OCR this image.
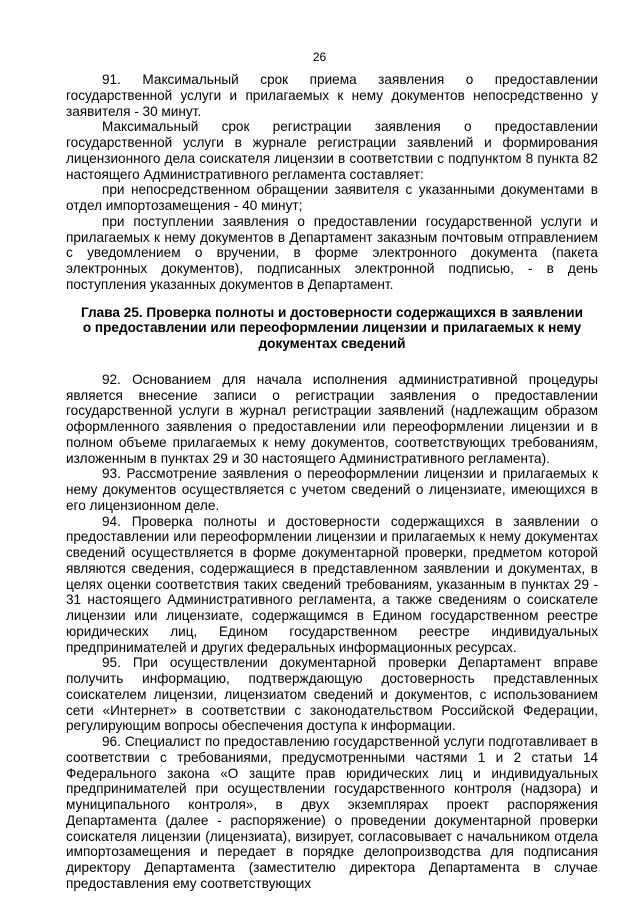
26

91. Максимальный срок приема заявления о предоставлении государственной услуги и прилагаемых к нему документов непосредственно у заявителя - 30 минут.

Максимальный срок регистрации заявления о предоставлении государственной услуги в журнале регистрации заявлений и формирования лицензионного дела соискателя лицензии в соответствии с подпунктом 8 пункта 82 настоящего Административного регламента составляет:

при непосредственном обращении заявителя с указанными документами в отдел импортозамещения - 40 минут;

при поступлении заявления о предоставлении государственной услуги и прилагаемых к нему документов в Департамент заказным почтовым отправлением с уведомлением о вручении, в форме электронного документа (пакета электронных документов), подписанных электронной подписью, - в день поступления указанных документов в Департамент.

Глава 25. Проверка полноты и достоверности содержащихся в заявлении о предоставлении или переоформлении лицензии и прилагаемых к нему документах сведений

92. Основанием для начала исполнения административной процедуры является внесение записи о регистрации заявления о предоставлении государственной услуги в журнал регистрации заявлений (надлежащим образом оформленного заявления о предоставлении или переоформлении лицензии и в полном объеме прилагаемых к нему документов, соответствующих требованиям, изложенным в пунктах 29 и 30 настоящего Административного регламента).

93. Рассмотрение заявления о переоформлении лицензии и прилагаемых к нему документов осуществляется с учетом сведений о лицензиате, имеющихся в его лицензионном деле.

94. Проверка полноты и достоверности содержащихся в заявлении о предоставлении или переоформлении лицензии и прилагаемых к нему документах сведений осуществляется в форме документарной проверки, предметом которой являются сведения, содержащиеся в представленном заявлении и документах, в целях оценки соответствия таких сведений требованиям, указанным в пунктах 29 - 31 настоящего Административного регламента, а также сведениям о соискателе лицензии или лицензиате, содержащимся в Едином государственном реестре юридических лиц, Едином государственном реестре индивидуальных предпринимателей и других федеральных информационных ресурсах.

95. При осуществлении документарной проверки Департамент вправе получить информацию, подтверждающую достоверность представленных соискателем лицензии, лицензиатом сведений и документов, с использованием сети «Интернет» в соответствии с законодательством Российской Федерации, регулирующим вопросы обеспечения доступа к информации.

96. Специалист по предоставлению государственной услуги подготавливает в соответствии с требованиями, предусмотренными частями 1 и 2 статьи 14 Федерального закона «О защите прав юридических лиц и индивидуальных предпринимателей при осуществлении государственного контроля (надзора) и муниципального контроля», в двух экземплярах проект распоряжения Департамента (далее - распоряжение) о проведении документарной проверки соискателя лицензии (лицензиата), визирует, согласовывает с начальником отдела импортозамещения и передает в порядке делопроизводства для подписания директору Департамента (заместителю директора Департамента в случае предоставления ему соответствующих
